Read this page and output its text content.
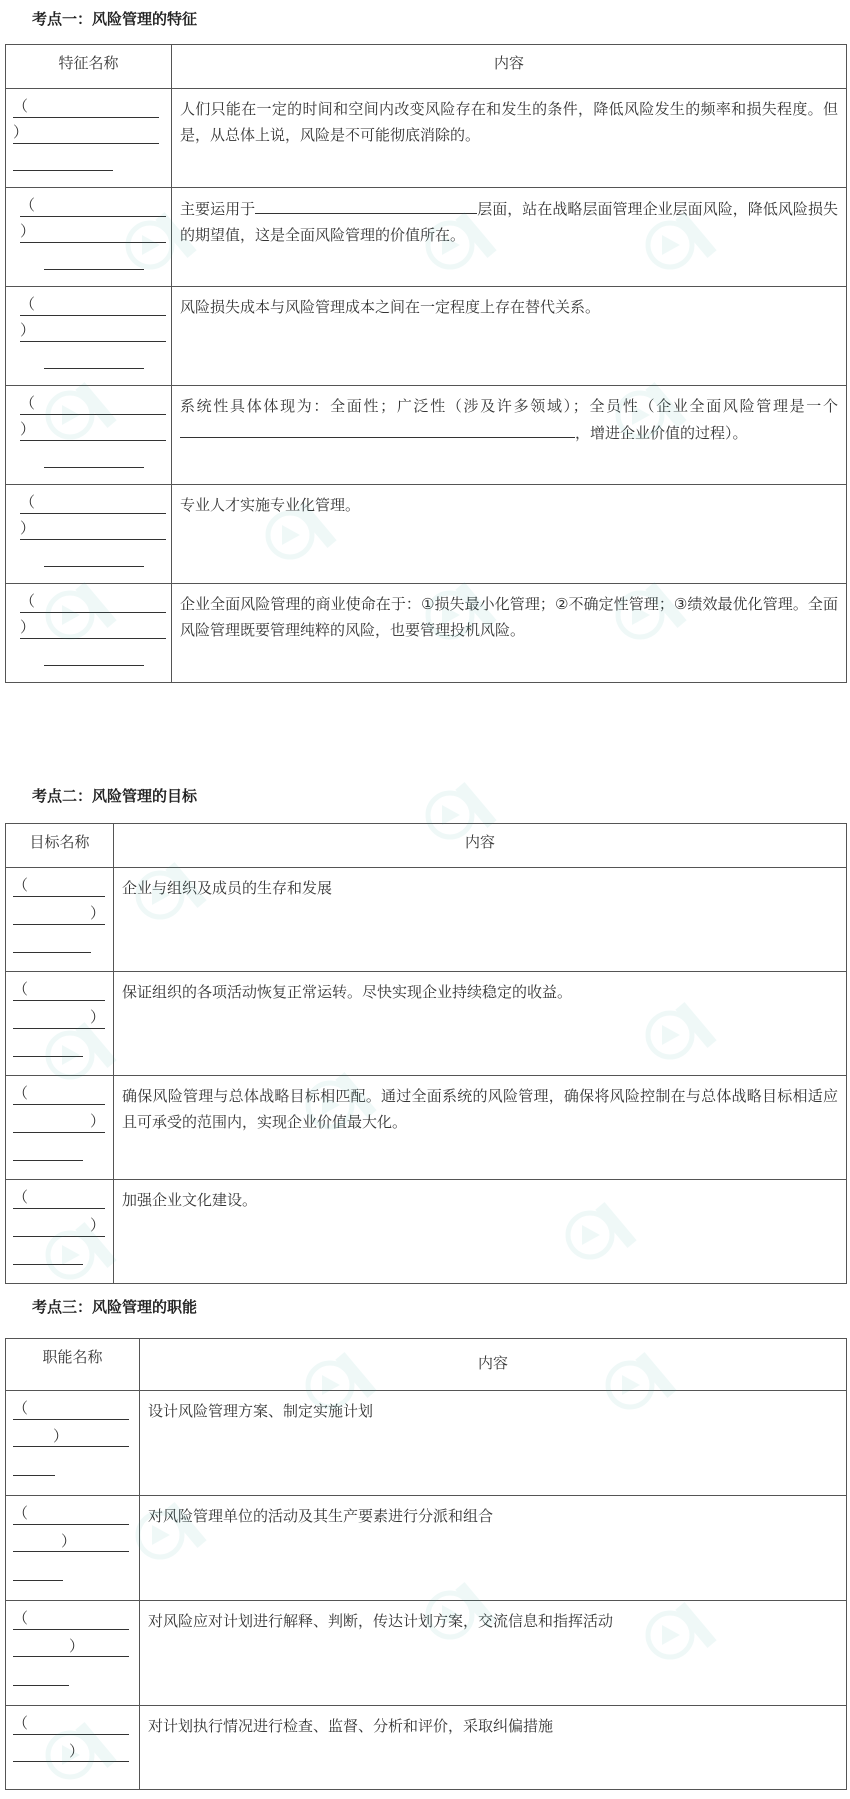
考点一：风险管理的特征
特征名称	内容

（
）	人们只能在一定的时间和空间内改变风险存在和发生的条件，降低风险发生的频率和损失程度。但是，从总体上说，风险是不可能彻底消除的。

（
）	主要运用于 层面，站在战略层面管理企业层面风险，降低风险损失的期望值，这是全面风险管理的价值所在。

（
）	风险损失成本与风险管理成本之间在一定程度上存在替代关系。

（
）	系统性具体体现为：全面性；广泛性（涉及许多领域）；全员性（企业全面风险管理是一个，增进企业价值的过程）。

（
）	专业人才实施专业化管理。

（
）	企业全面风险管理的商业使命在于：①损失最小化管理；②不确定性管理；③绩效最优化管理。全面风险管理既要管理纯粹的风险，也要管理投机风险。
考点二：风险管理的目标
目标名称	内容

（
）	企业与组织及成员的生存和发展

（
）	保证组织的各项活动恢复正常运转。尽快实现企业持续稳定的收益。

（
）	确保风险管理与总体战略目标相匹配。通过全面系统的风险管理，确保将风险控制在与总体战略目标相适应且可承受的范围内，实现企业价值最大化。

（
）	加强企业文化建设。
考点三：风险管理的职能
职能名称	内容

（
）	设计风险管理方案、制定实施计划

（
）	对风险管理单位的活动及其生产要素进行分派和组合

（
）	对风险应对计划进行解释、判断，传达计划方案，交流信息和指挥活动

（
）	对计划执行情况进行检查、监督、分析和评价，采取纠偏措施
